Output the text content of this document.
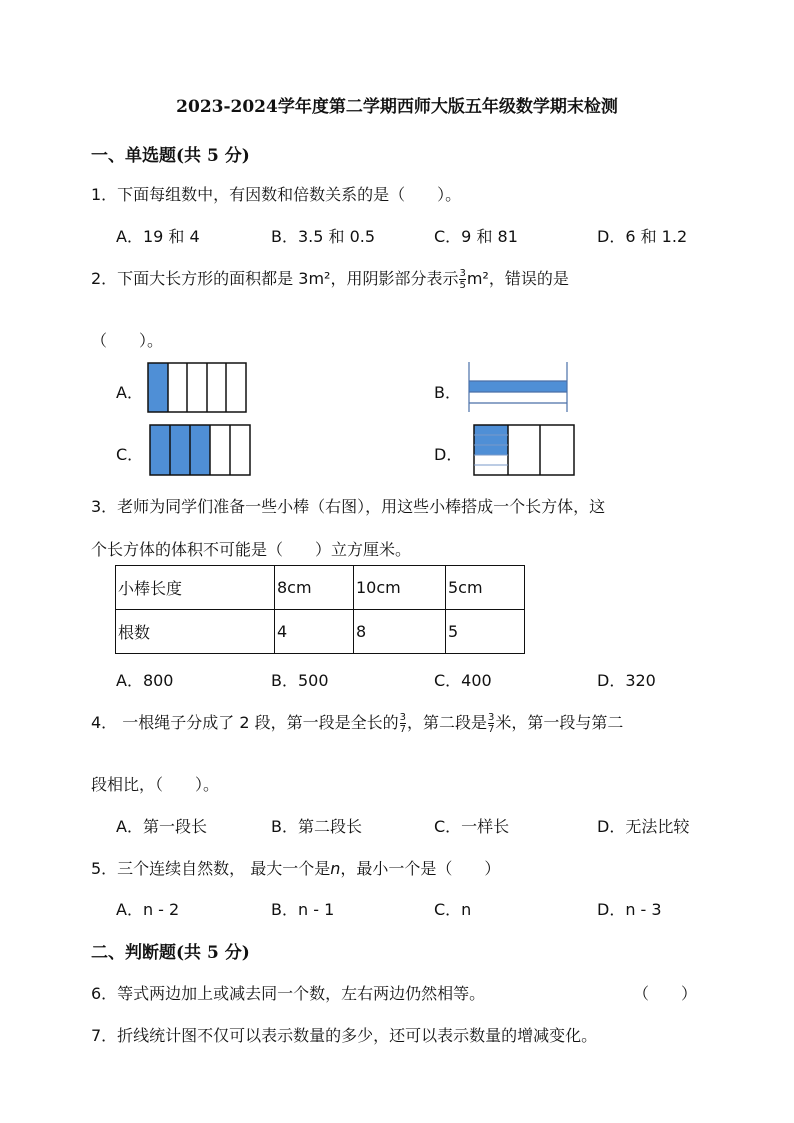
2023-2024学年度第二学期西师大版五年级数学期末检测
一、单选题(共 5 分)
1．下面每组数中，有因数和倍数关系的是（　　）。
A．19 和 4	B．3.5 和 0.5	C．9 和 81	D．6 和 1.2
2．下面大长方形的面积都是 3m²，用阴影部分表示 $\frac{3}{5} m^2$，错误的是
（　　）。
A．	B．
C．	D．
3．老师为同学们准备一些小棒（右图），用这些小棒搭成一个长方体，这
个长方体的体积不可能是（　　）立方厘米。
小棒长度	8cm	10cm	5cm
根数	4	8	5
A．800	B．500	C．400	D．320
4． 一根绳子分成了 2 段，第一段是全长的 $\frac{3}{7}$ ，第二段是 $\frac{3}{7}$ 米，第一段与第二
段相比，（　　）。
A．第一段长	B．第二段长	C．一样长	D．无法比较
5．三个连续自然数， 最大一个是n，最小一个是（　　）
A．n - 2	B．n - 1	C．n	D．n - 3
二、判断题(共 5 分)
6．等式两边加上或减去同一个数，左右两边仍然相等。	（　　）
7．折线统计图不仅可以表示数量的多少，还可以表示数量的增减变化。
